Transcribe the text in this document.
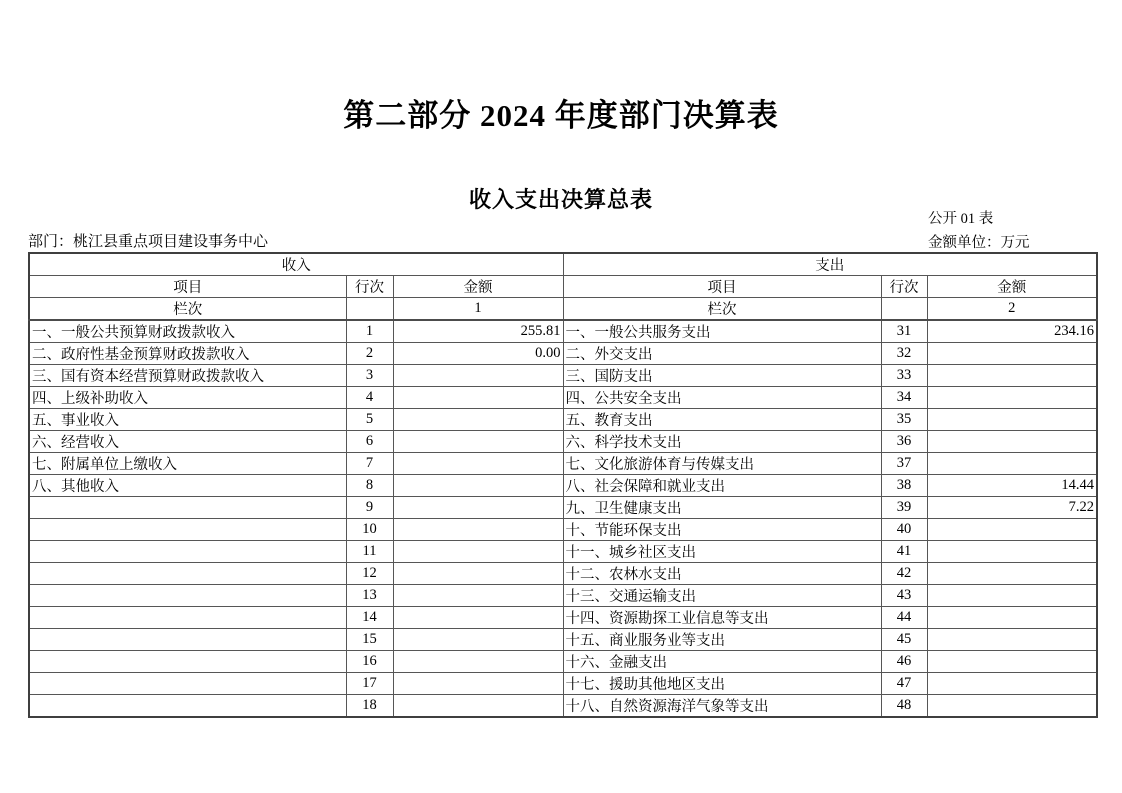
第二部分 2024 年度部门决算表
收入支出决算总表
公开 01 表
金额单位：万元
部门：桃江县重点项目建设事务中心
收入			支出		
项目	行次	金额	项目	行次	金额
栏次		1	栏次		2
一、一般公共预算财政拨款收入	1	255.81	一、一般公共服务支出	31	234.16
二、政府性基金预算财政拨款收入	2	0.00	二、外交支出	32	
三、国有资本经营预算财政拨款收入	3		三、国防支出	33	
四、上级补助收入	4		四、公共安全支出	34	
五、事业收入	5		五、教育支出	35	
六、经营收入	6		六、科学技术支出	36	
七、附属单位上缴收入	7		七、文化旅游体育与传媒支出	37	
八、其他收入	8		八、社会保障和就业支出	38	14.44
	9		九、卫生健康支出	39	7.22
	10		十、节能环保支出	40	
	11		十一、城乡社区支出	41	
	12		十二、农林水支出	42	
	13		十三、交通运输支出	43	
	14		十四、资源勘探工业信息等支出	44	
	15		十五、商业服务业等支出	45	
	16		十六、金融支出	46	
	17		十七、援助其他地区支出	47	
	18		十八、自然资源海洋气象等支出	48	
